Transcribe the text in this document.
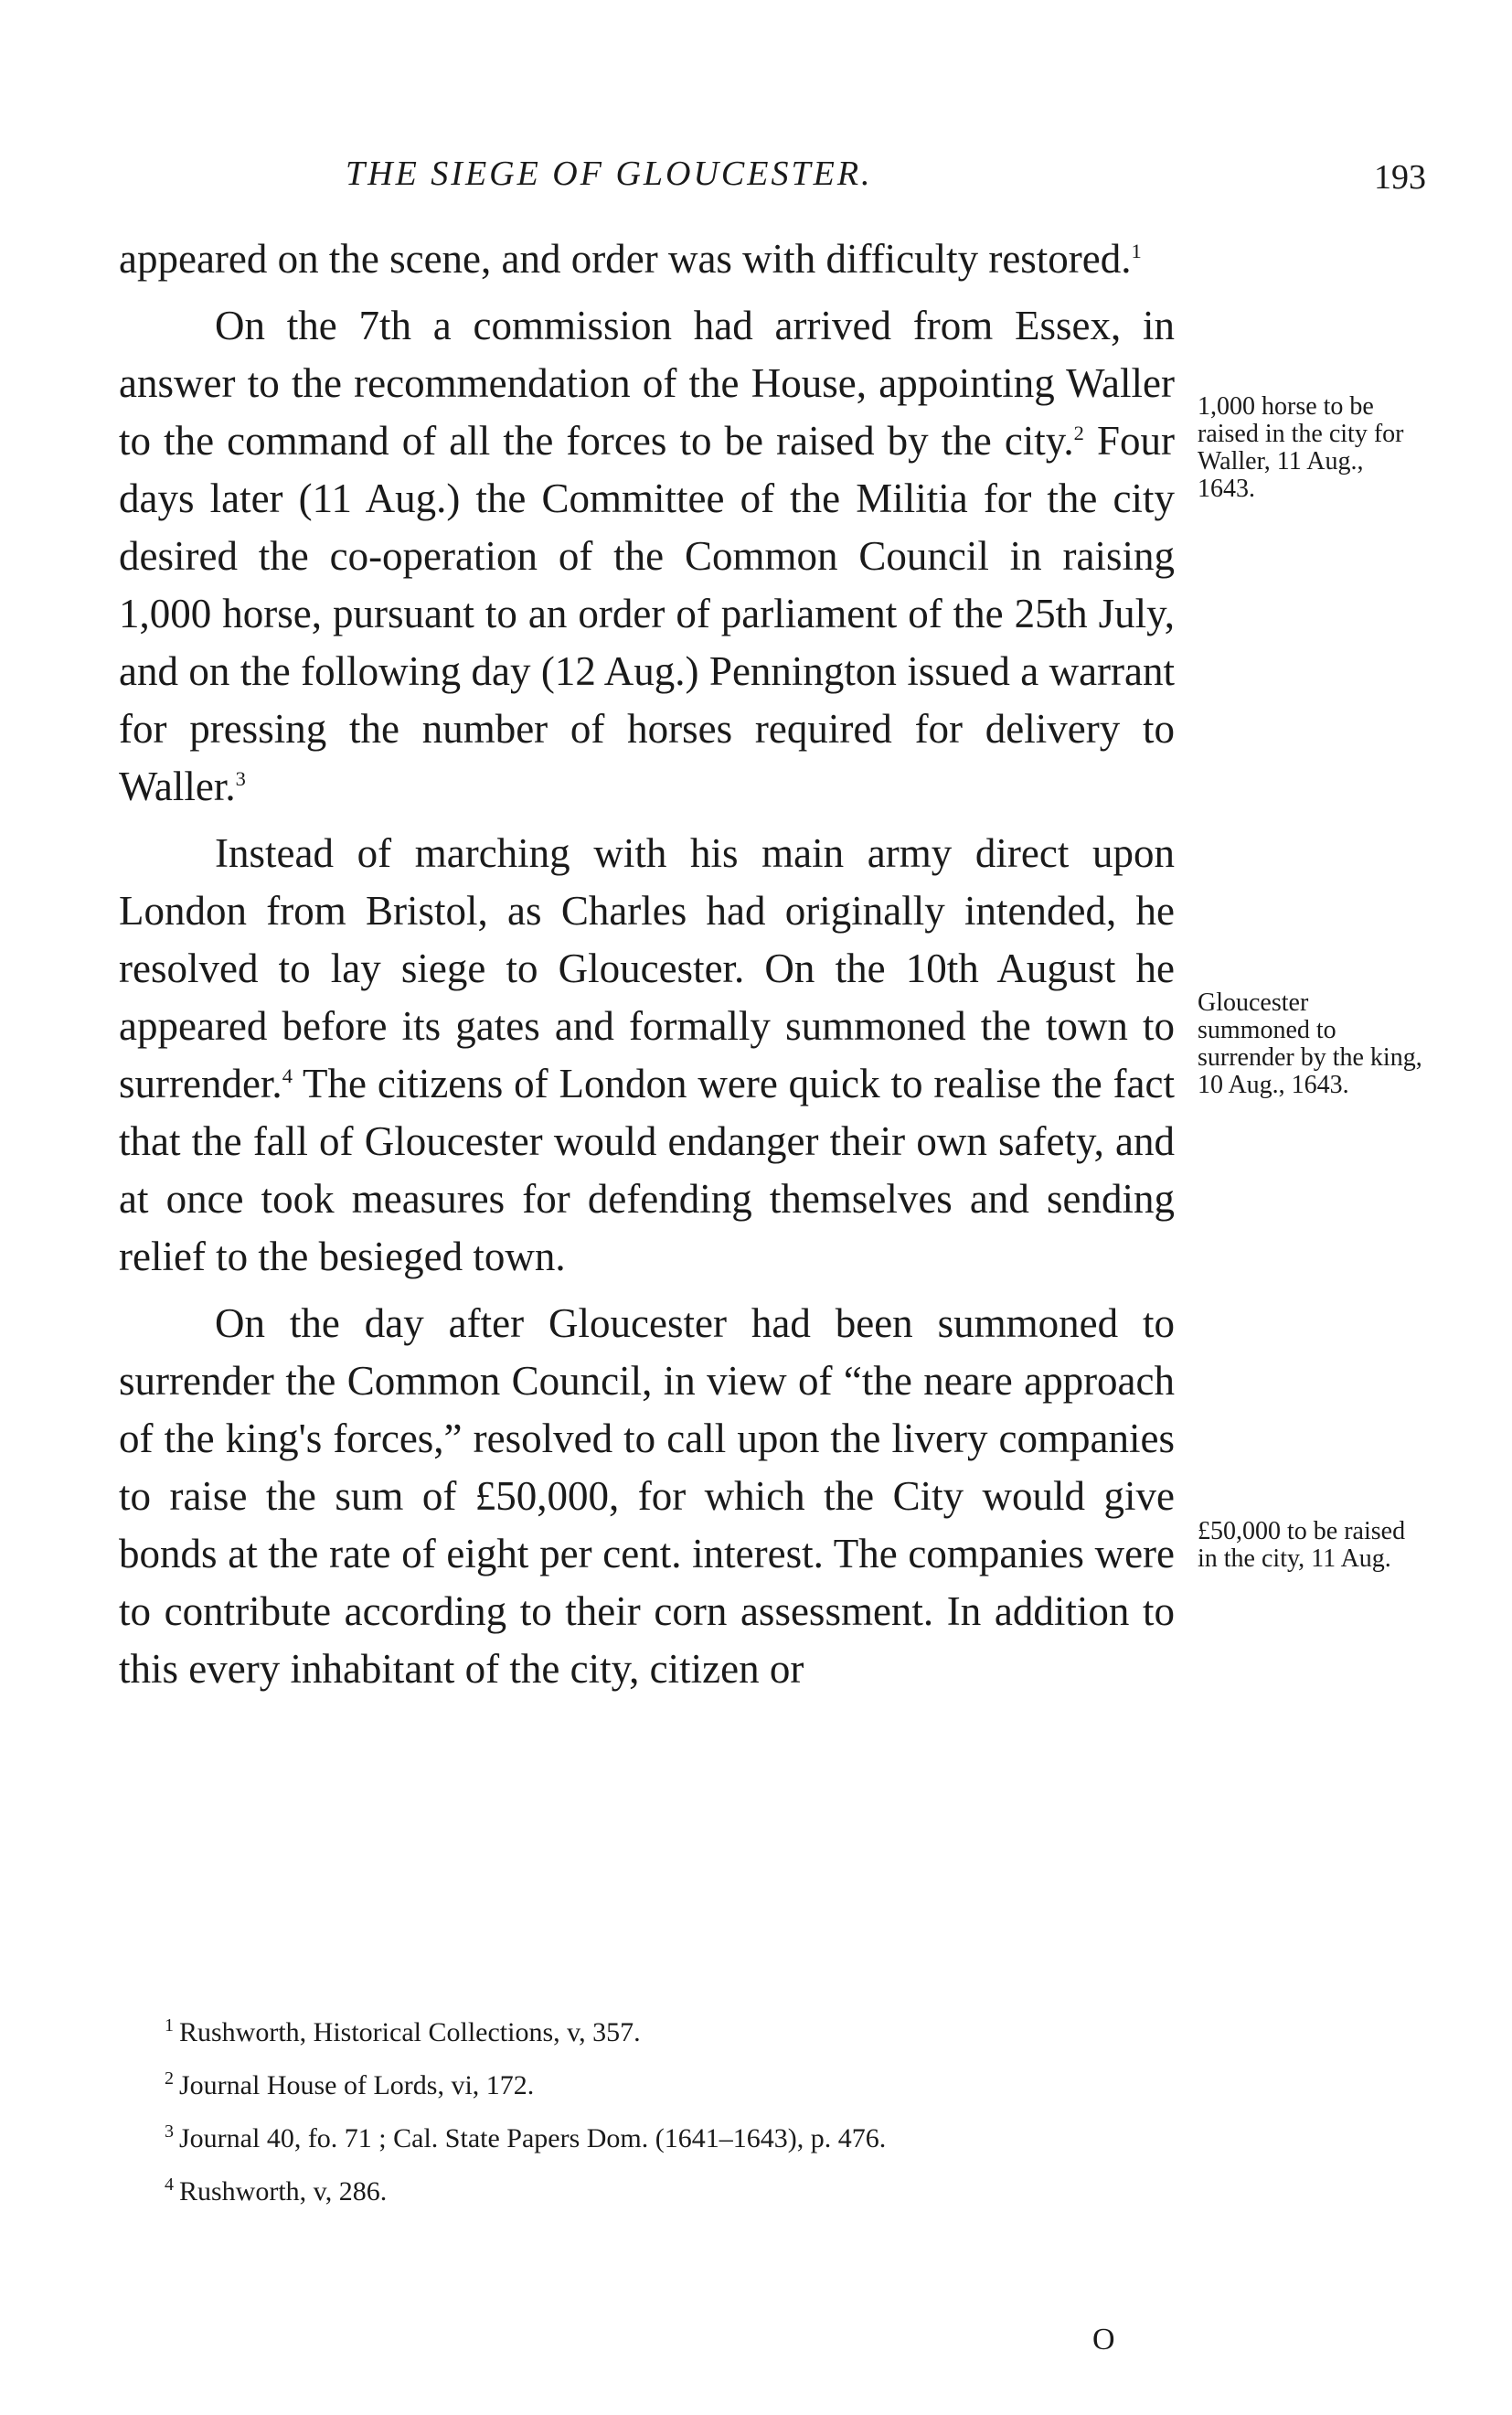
THE SIEGE OF GLOUCESTER.	193

appeared on the scene, and order was with difficulty restored.$^1$

On the 7th a commission had arrived from Essex, in answer to the recommendation of the House, appointing Waller to the command of all the forces to be raised by the city.$^2$ Four days later (11 Aug.) the Committee of the Militia for the city desired the co-operation of the Common Council in raising 1,000 horse, pursuant to an order of parliament of the 25th July, and on the following day (12 Aug.) Pennington issued a warrant for pressing the number of horses required for delivery to Waller.$^3$

Instead of marching with his main army direct upon London from Bristol, as Charles had originally intended, he resolved to lay siege to Gloucester. On the 10th August he appeared before its gates and formally summoned the town to surrender.$^4$ The citizens of London were quick to realise the fact that the fall of Gloucester would endanger their own safety, and at once took measures for defending themselves and sending relief to the besieged town.

On the day after Gloucester had been summoned to surrender the Common Council, in view of “the neare approach of the king's forces,” resolved to call upon the livery companies to raise the sum of £50,000, for which the City would give bonds at the rate of eight per cent. interest. The companies were to contribute according to their corn assessment. In addition to this every inhabitant of the city, citizen or

1,000 horse to be raised in the city for Waller, 11 Aug., 1643.
Gloucester summoned to surrender by the king, 10 Aug., 1643.
£50,000 to be raised in the city, 11 Aug.
$^1$ Rushworth, Historical Collections, v, 357.
$^2$ Journal House of Lords, vi, 172.
$^3$ Journal 40, fo. 71 ; Cal. State Papers Dom. (1641–1643), p. 476.
$^4$ Rushworth, v, 286.
O
